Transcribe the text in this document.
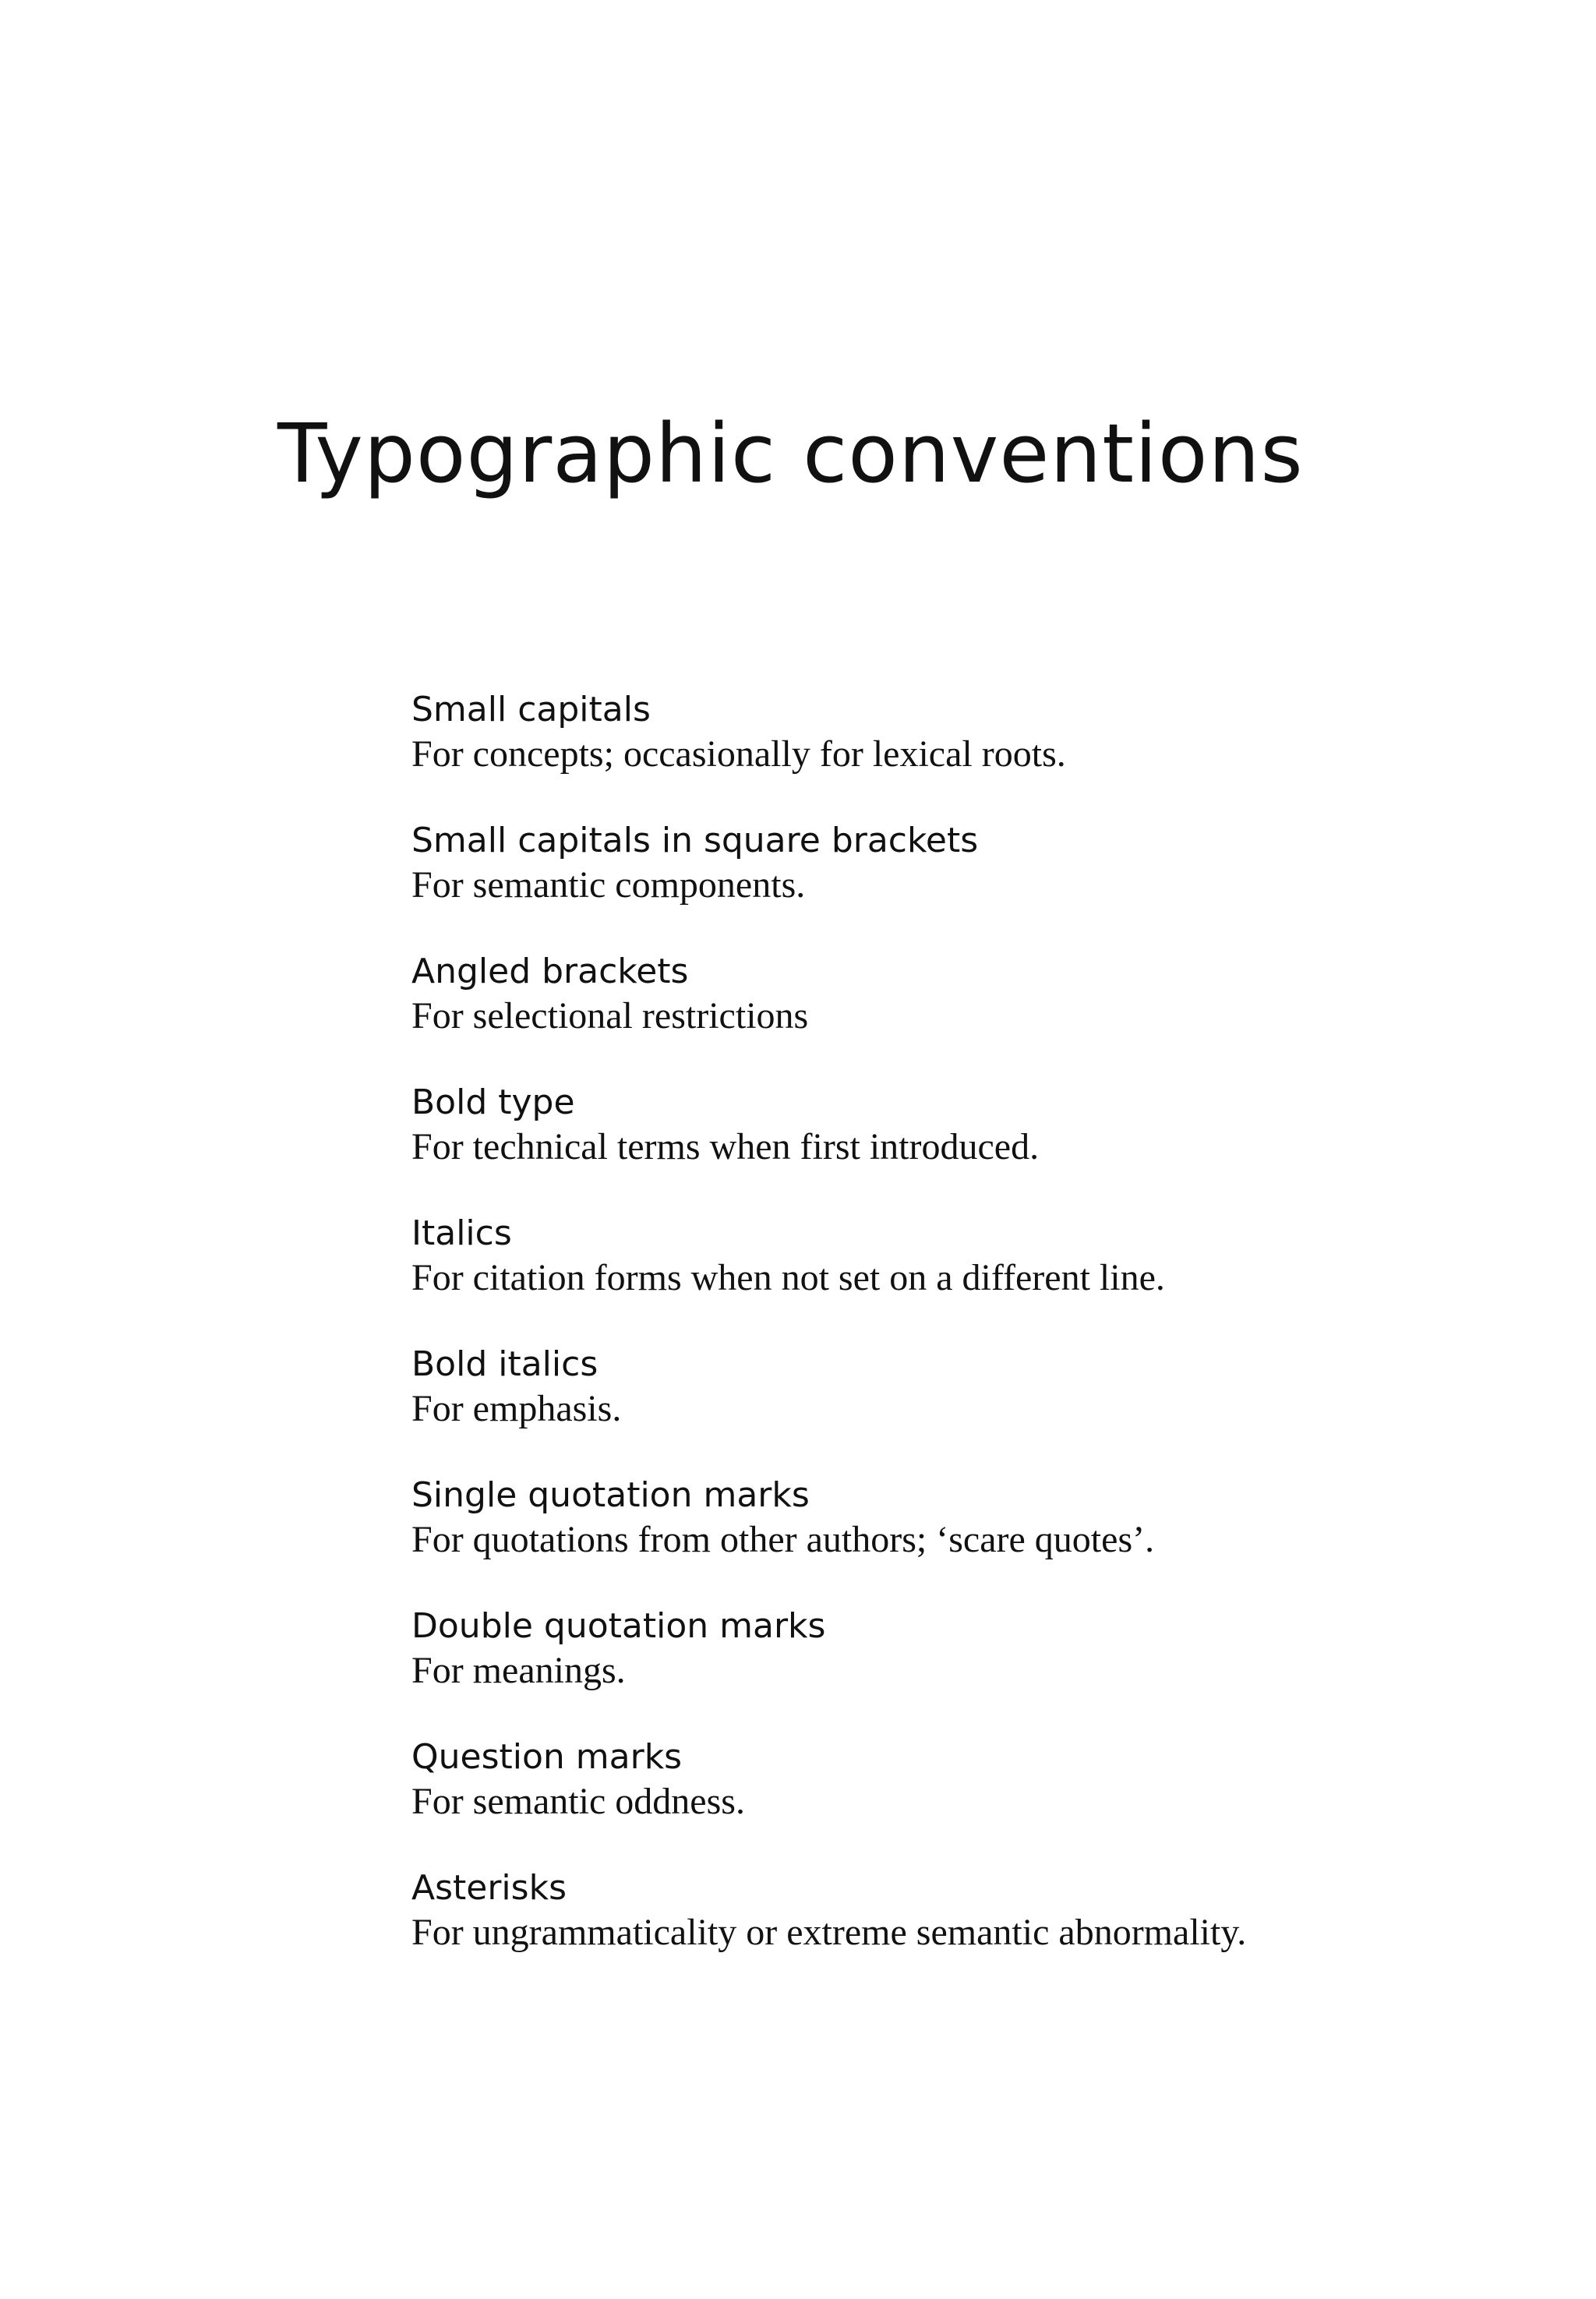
Typographic conventions
Small capitals
For concepts; occasionally for lexical roots.
Small capitals in square brackets
For semantic components.
Angled brackets
For selectional restrictions
Bold type
For technical terms when first introduced.
Italics
For citation forms when not set on a different line.
Bold italics
For emphasis.
Single quotation marks
For quotations from other authors; ‘scare quotes’.
Double quotation marks
For meanings.
Question marks
For semantic oddness.
Asterisks
For ungrammaticality or extreme semantic abnormality.
